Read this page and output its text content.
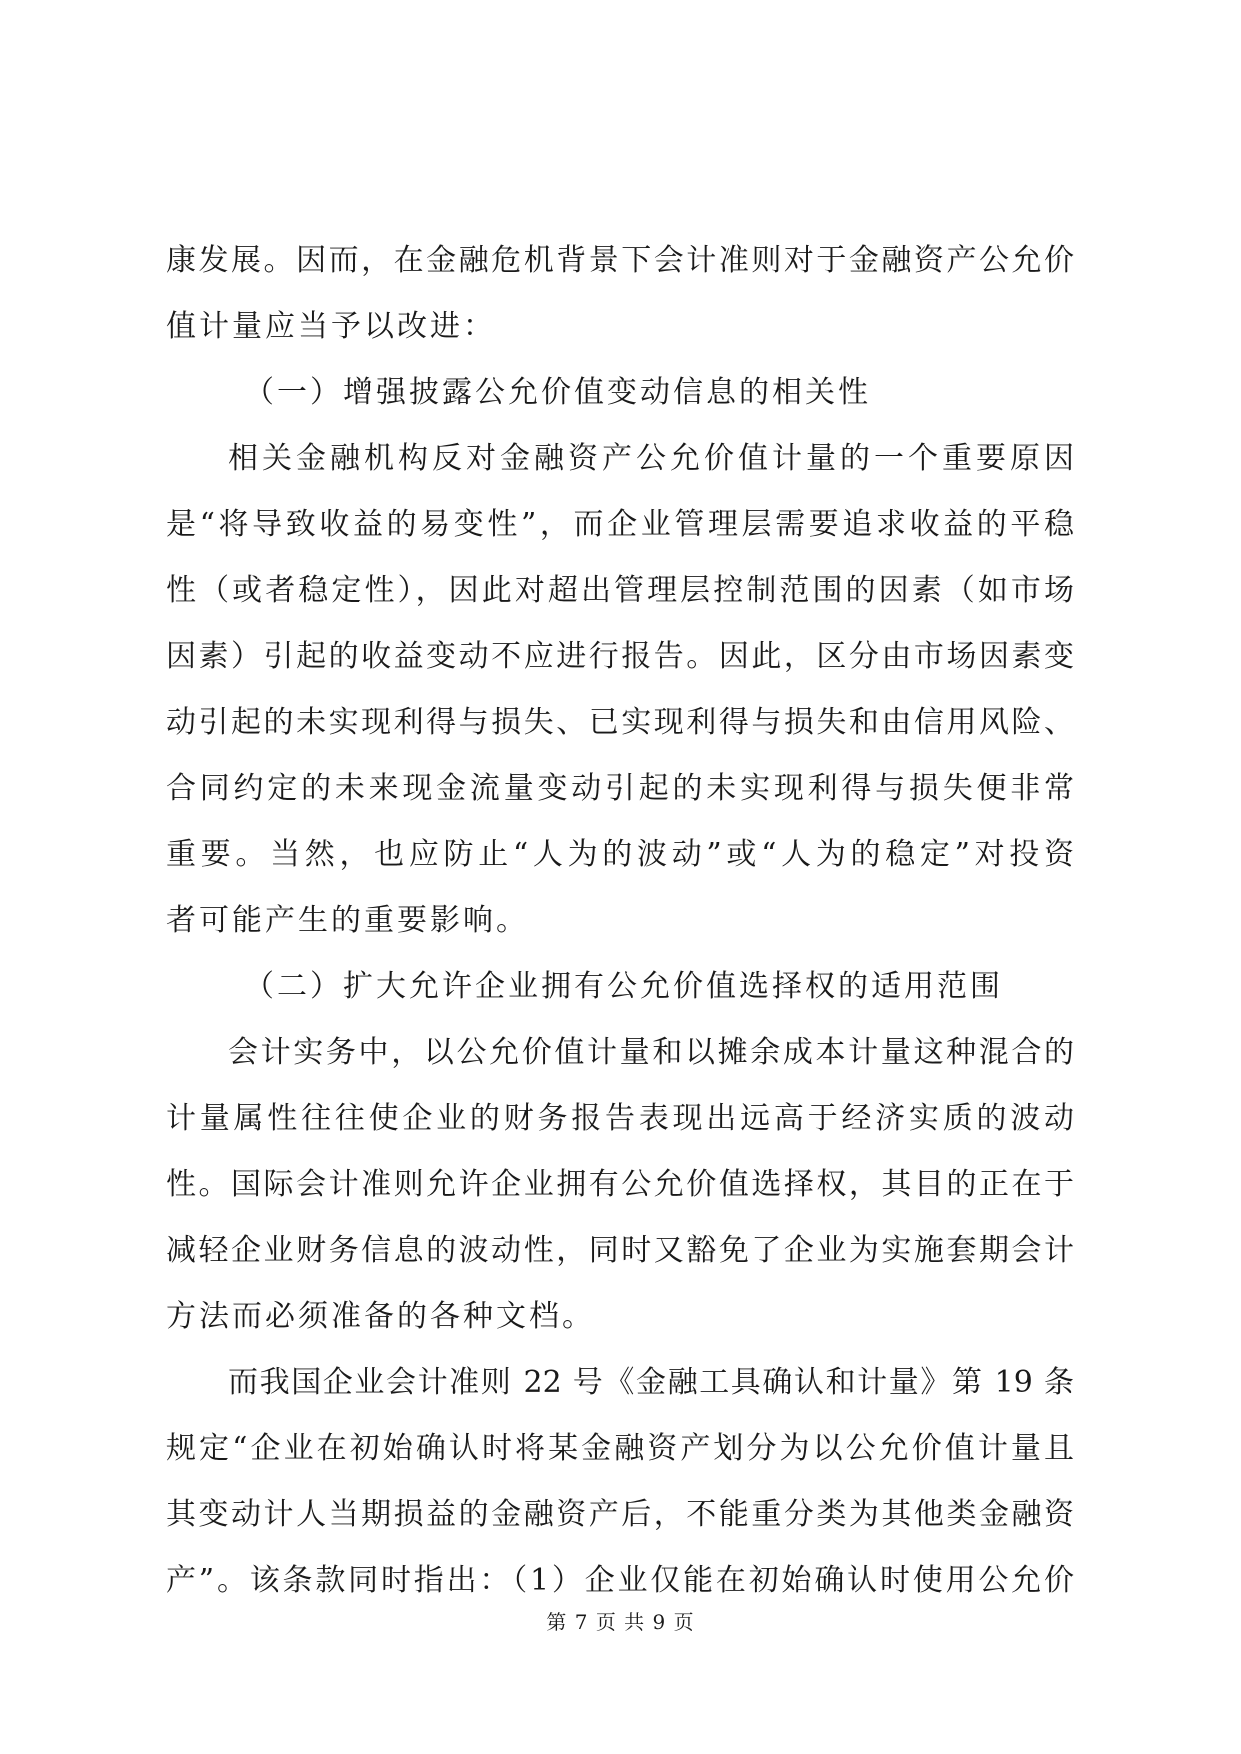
康发展。因而，在金融危机背景下会计准则对于金融资产公允价
值计量应当予以改进：
（一）增强披露公允价值变动信息的相关性
相关金融机构反对金融资产公允价值计量的一个重要原因
是“将导致收益的易变性”，而企业管理层需要追求收益的平稳
性（或者稳定性），因此对超出管理层控制范围的因素（如市场
因素）引起的收益变动不应进行报告。因此，区分由市场因素变
动引起的未实现利得与损失、已实现利得与损失和由信用风险、
合同约定的未来现金流量变动引起的未实现利得与损失便非常
重要。当然，也应防止“人为的波动”或“人为的稳定”对投资
者可能产生的重要影响。
（二）扩大允许企业拥有公允价值选择权的适用范围
会计实务中，以公允价值计量和以摊余成本计量这种混合的
计量属性往往使企业的财务报告表现出远高于经济实质的波动
性。国际会计准则允许企业拥有公允价值选择权，其目的正在于
减轻企业财务信息的波动性，同时又豁免了企业为实施套期会计
方法而必须准备的各种文档。
而我国企业会计准则 22 号《金融工具确认和计量》第 19 条
规定“企业在初始确认时将某金融资产划分为以公允价值计量且
其变动计人当期损益的金融资产后，不能重分类为其他类金融资
产”。该条款同时指出：（1）企业仅能在初始确认时使用公允价
第 7 页 共 9 页
